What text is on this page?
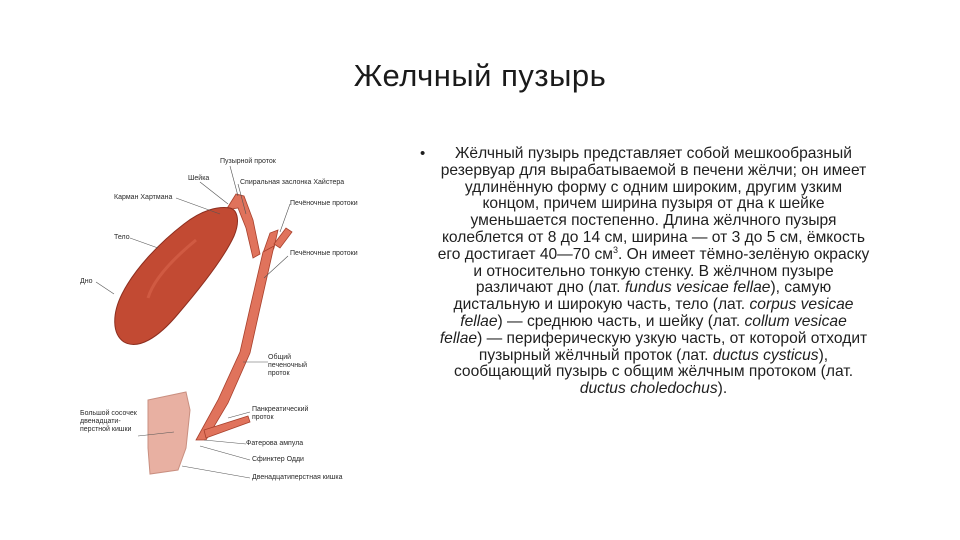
Желчный пузырь
Пузырной проток
Шейка
Спиральная заслонка Хайстера
Карман Хартмана
Печёночные протоки
Тело
Печёночные протоки
Дно
Общий печеночный проток
Большой сосочек двенадцати-перстной кишки
Панкреатический проток
Фатерова ампула
Сфинктер Одди
Двенадцатиперстная кишка
•	Жёлчный пузырь представляет собой мешкообразный резервуар для вырабатываемой в печени жёлчи; он имеет удлинённую форму с одним широким, другим узким концом, причем ширина пузыря от дна к шейке уменьшается постепенно. Длина жёлчного пузыря колеблется от 8 до 14 см, ширина — от 3 до 5 см, ёмкость его достигает 40—70 $см^3$. Он имеет тёмно-зелёную окраску и относительно тонкую стенку. В жёлчном пузыре различают дно (лат. fundus vesicae fellae), самую дистальную и широкую часть, тело (лат. corpus vesicae fellae) — среднюю часть, и шейку (лат. collum vesicae fellae) — периферическую узкую часть, от которой отходит пузырный жёлчный проток (лат. ductus cysticus), сообщающий пузырь с общим жёлчным протоком (лат. ductus choledochus).
